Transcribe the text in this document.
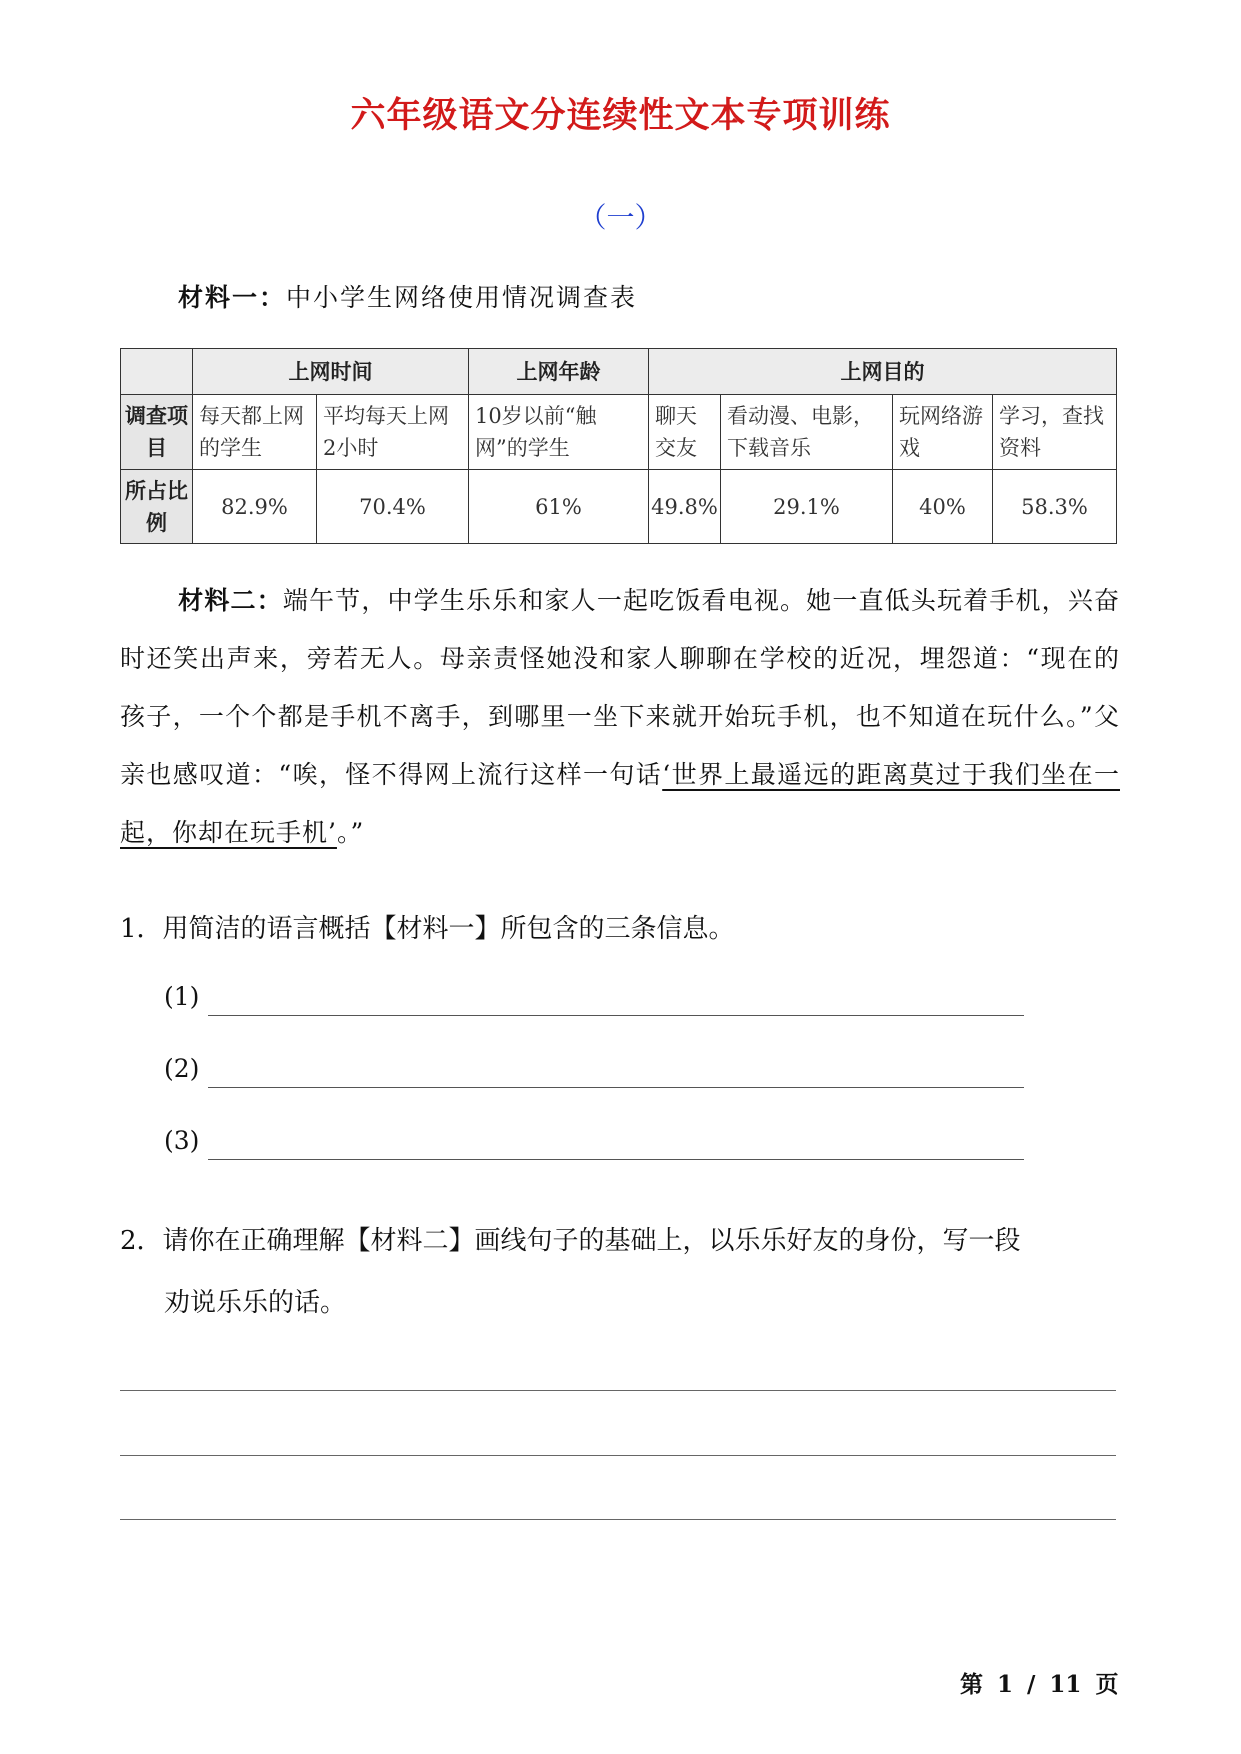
六年级语文分连续性文本专项训练
（一）
材料一：中小学生网络使用情况调查表
	上网时间		上网年龄	上网目的			
调查项目	每天都上网的学生	平均每天上网2小时	10岁以前“触网”的学生	聊天交友	看动漫、电影，下载音乐	玩网络游戏	学习，查找资料
所占比例	82.9%	70.4%	61%	49.8%	29.1%	40%	58.3%
材料二：端午节，中学生乐乐和家人一起吃饭看电视。她一直低头玩着手机，兴奋时还笑出声来，旁若无人。母亲责怪她没和家人聊聊在学校的近况，埋怨道：“现在的孩子，一个个都是手机不离手，到哪里一坐下来就开始玩手机，也不知道在玩什么。”父亲也感叹道：“唉，怪不得网上流行这样一句话‘世界上最遥远的距离莫过于我们坐在一起，你却在玩手机’。”
1．用简洁的语言概括【材料一】所包含的三条信息。
(1)
(2)
(3)
2．请你在正确理解【材料二】画线句子的基础上，以乐乐好友的身份，写一段
劝说乐乐的话。
第 1 / 11 页
